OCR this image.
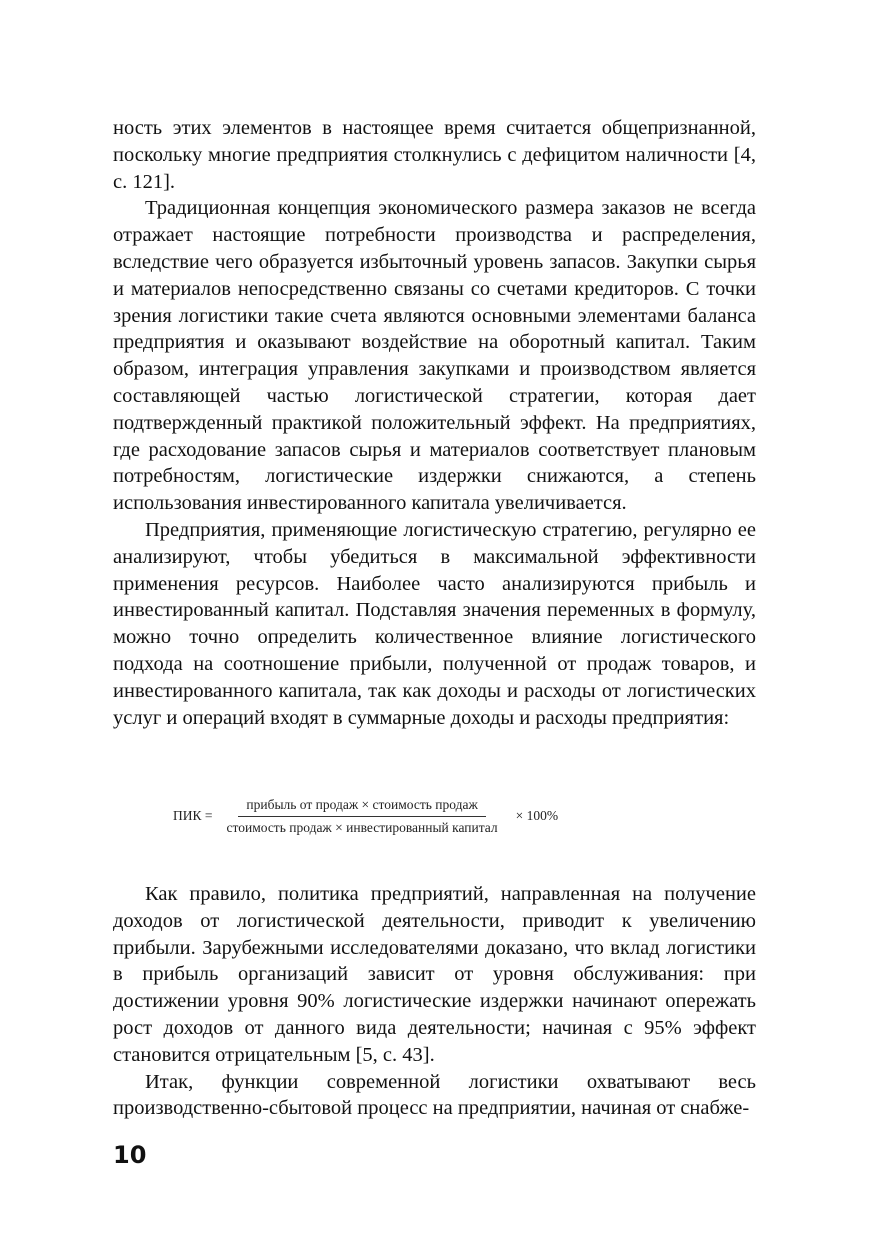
ность этих элементов в настоящее время считается общепризнанной, поскольку многие предприятия столкнулись с дефицитом наличности [4, с. 121].

Традиционная концепция экономического размера заказов не всегда отражает настоящие потребности производства и распределения, вследствие чего образуется избыточный уровень запасов. Закупки сырья и материалов непосредственно связаны со счетами кредиторов. С точки зрения логистики такие счета являются основными элементами баланса предприятия и оказывают воздействие на оборотный капитал. Таким образом, интеграция управления закупками и производством является составляющей частью логистической стратегии, которая дает подтвержденный практикой положительный эффект. На предприятиях, где расходование запасов сырья и материалов соответствует плановым потребностям, логистические издержки снижаются, а степень использования инвестированного капитала увеличивается.

Предприятия, применяющие логистическую стратегию, регулярно ее анализируют, чтобы убедиться в максимальной эффективности применения ресурсов. Наиболее часто анализируются прибыль и инвестированный капитал. Подставляя значения переменных в формулу, можно точно определить количественное влияние логистического подхода на соотношение прибыли, полученной от продаж товаров, и инвестированного капитала, так как доходы и расходы от логистических услуг и операций входят в суммарные доходы и расходы предприятия:

ПИК = $\frac{\text{прибыль от продаж × стоимость продаж}}{\text{стоимость продаж × инвестированный капитал}} \times 100\%$

Как правило, политика предприятий, направленная на получение доходов от логистической деятельности, приводит к увеличению прибыли. Зарубежными исследователями доказано, что вклад логистики в прибыль организаций зависит от уровня обслуживания: при достижении уровня 90% логистические издержки начинают опережать рост доходов от данного вида деятельности; начиная с 95% эффект становится отрицательным [5, с. 43].

Итак, функции современной логистики охватывают весь производственно-сбытовой процесс на предприятии, начиная от снабже-

10
